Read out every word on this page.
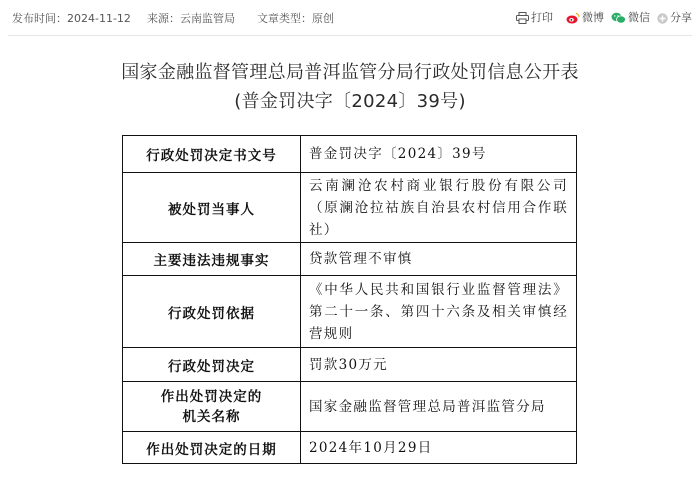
发布时间：2024-11-12 来源：云南监管局 文章类型：原创	打印	微博	微信	分享
国家金融监督管理总局普洱监管分局行政处罚信息公开表
(普金罚决字〔2024〕39号)
行政处罚决定书文号	普金罚决字〔2024〕39号
被处罚当事人	云南澜沧农村商业银行股份有限公司（原澜沧拉祜族自治县农村信用合作联社）
主要违法违规事实	贷款管理不审慎
行政处罚依据	《中华人民共和国银行业监督管理法》第二十一条、第四十六条及相关审慎经营规则
行政处罚决定	罚款30万元

作出处罚决定的
机关名称	国家金融监督管理总局普洱监管分局
作出处罚决定的日期	2024年10月29日
